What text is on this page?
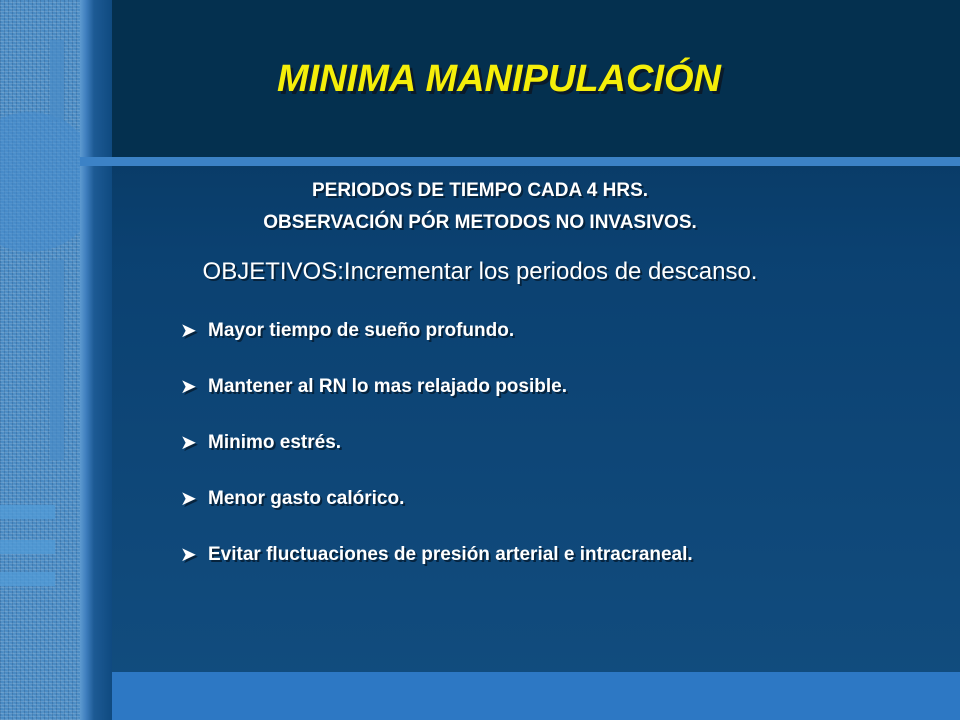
MINIMA MANIPULACIÓN
PERIODOS DE TIEMPO CADA 4 HRS.
OBSERVACIÓN PÓR METODOS NO INVASIVOS.
OBJETIVOS:Incrementar los periodos de descanso.
➤ Mayor tiempo de sueño profundo.
➤ Mantener al RN lo mas relajado posible.
➤ Minimo estrés.
➤ Menor gasto calórico.
➤ Evitar fluctuaciones de presión arterial e intracraneal.
